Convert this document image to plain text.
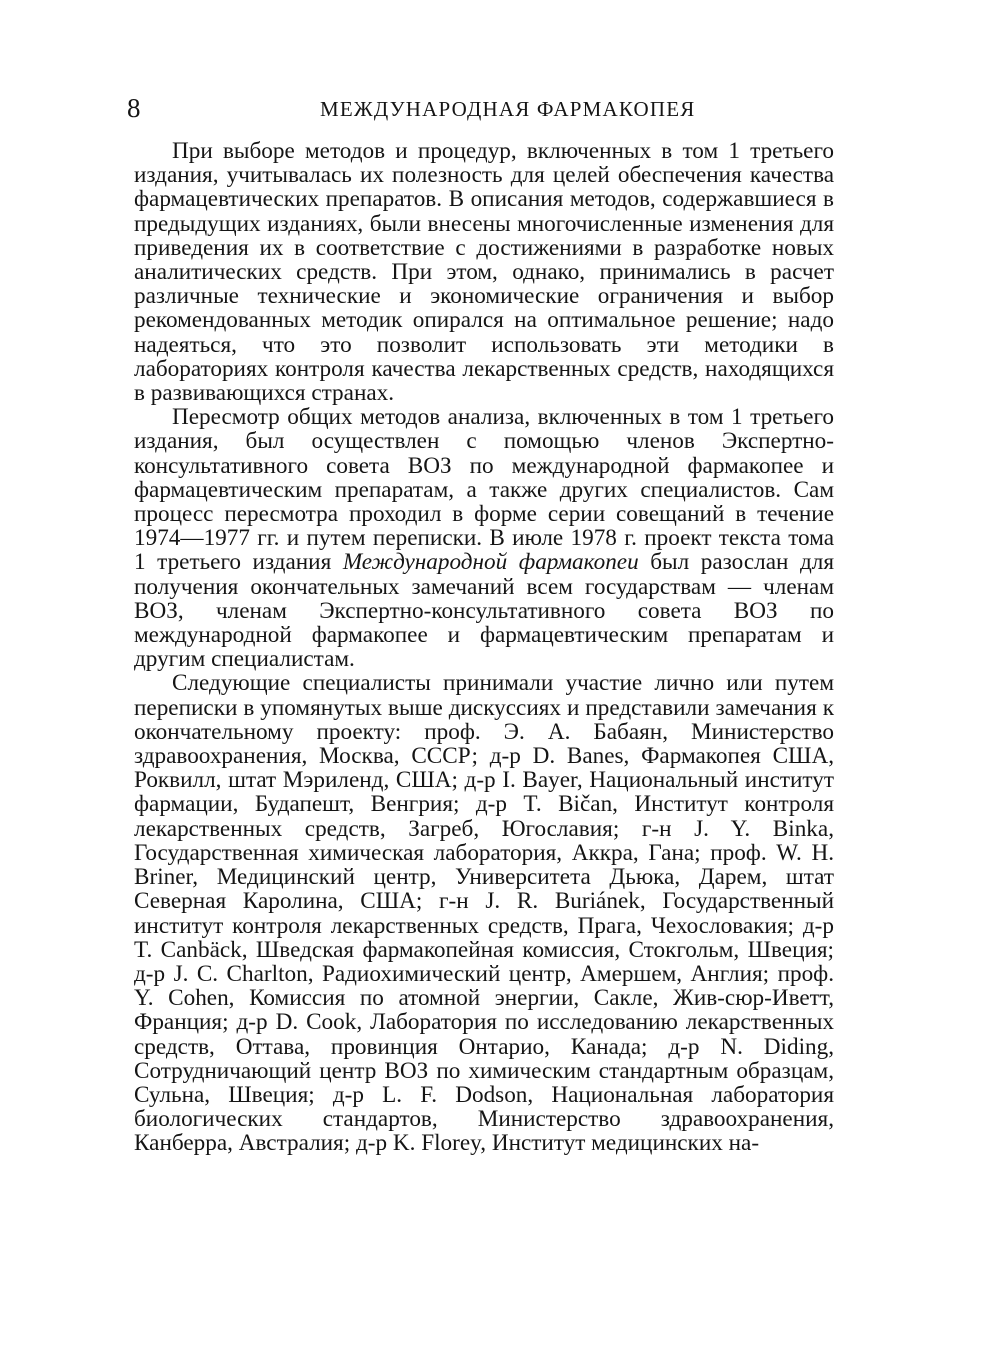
8	МЕЖДУНАРОДНАЯ ФАРМАКОПЕЯ

При выборе методов и процедур, включенных в том 1 третьего издания, учитывалась их полезность для целей обеспечения качества фармацевтических препаратов. В описания методов, содержавшиеся в предыдущих изданиях, были внесены многочисленные изменения для приведения их в соответствие с достижениями в разработке новых аналитических средств. При этом, однако, принимались в расчет различные технические и экономические ограничения и выбор рекомендованных методик опирался на оптимальное решение; надо надеяться, что это позволит использовать эти методики в лабораториях контроля качества лекарственных средств, находящихся в развивающихся странах.

Пересмотр общих методов анализа, включенных в том 1 третьего издания, был осуществлен с помощью членов Экспертно-консультативного совета ВОЗ по международной фармакопее и фармацевтическим препаратам, а также других специалистов. Сам процесс пересмотра проходил в форме серии совещаний в течение 1974—1977 гг. и путем переписки. В июле 1978 г. проект текста тома 1 третьего издания Международной фармакопеи был разослан для получения окончательных замечаний всем государствам — членам ВОЗ, членам Экспертно-консультативного совета ВОЗ по международной фармакопее и фармацевтическим препаратам и другим специалистам.

Следующие специалисты принимали участие лично или путем переписки в упомянутых выше дискуссиях и представили замечания к окончательному проекту: проф. Э. А. Бабаян, Министерство здравоохранения, Москва, СССР; д-р D. Banes, Фармакопея США, Роквилл, штат Мэриленд, США; д-р I. Bayer, Национальный институт фармации, Будапешт, Венгрия; д-р T. Bičan, Институт контроля лекарственных средств, Загреб, Югославия; г-н J. Y. Binka, Государственная химическая лаборатория, Аккра, Гана; проф. W. H. Briner, Медицинский центр, Университета Дьюка, Дарем, штат Северная Каролина, США; г-н J. R. Buriánek, Государственный институт контроля лекарственных средств, Прага, Чехословакия; д-р T. Canbäck, Шведская фармакопейная комиссия, Стокгольм, Швеция; д-р J. C. Charlton, Радиохимический центр, Амершем, Англия; проф. Y. Cohen, Комиссия по атомной энергии, Сакле, Жив-сюр-Иветт, Франция; д-р D. Cook, Лаборатория по исследованию лекарственных средств, Оттава, провинция Онтарио, Канада; д-р N. Diding, Сотрудничающий центр ВОЗ по химическим стандартным образцам, Сульна, Швеция; д-р L. F. Dodson, Национальная лаборатория биологических стандартов, Министерство здравоохранения, Канберра, Австралия; д-р K. Florey, Институт медицинских на-
